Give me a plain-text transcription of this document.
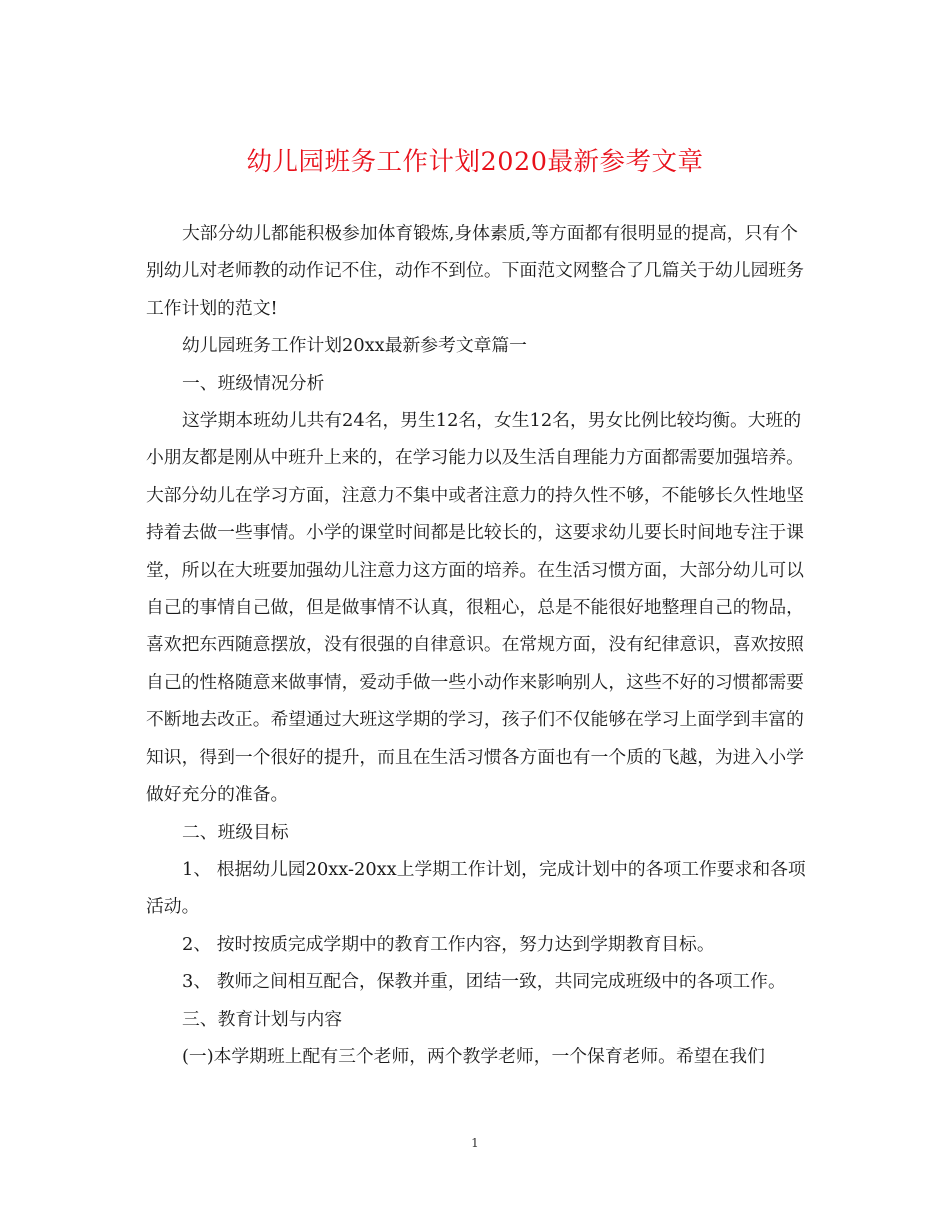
幼儿园班务工作计划2020最新参考文章

大部分幼儿都能积极参加体育锻炼,身体素质,等方面都有很明显的提高，只有个别幼儿对老师教的动作记不住，动作不到位。下面范文网整合了几篇关于幼儿园班务工作计划的范文!

幼儿园班务工作计划20xx最新参考文章篇一

一、班级情况分析

这学期本班幼儿共有24名，男生12名，女生12名，男女比例比较均衡。大班的小朋友都是刚从中班升上来的，在学习能力以及生活自理能力方面都需要加强培养。大部分幼儿在学习方面，注意力不集中或者注意力的持久性不够，不能够长久性地坚持着去做一些事情。小学的课堂时间都是比较长的，这要求幼儿要长时间地专注于课堂，所以在大班要加强幼儿注意力这方面的培养。在生活习惯方面，大部分幼儿可以自己的事情自己做，但是做事情不认真，很粗心，总是不能很好地整理自己的物品，喜欢把东西随意摆放，没有很强的自律意识。在常规方面，没有纪律意识，喜欢按照自己的性格随意来做事情，爱动手做一些小动作来影响别人，这些不好的习惯都需要不断地去改正。希望通过大班这学期的学习，孩子们不仅能够在学习上面学到丰富的知识，得到一个很好的提升，而且在生活习惯各方面也有一个质的飞越，为进入小学做好充分的准备。

二、班级目标

1、 根据幼儿园20xx-20xx上学期工作计划，完成计划中的各项工作要求和各项活动。

2、 按时按质完成学期中的教育工作内容，努力达到学期教育目标。

3、 教师之间相互配合，保教并重，团结一致，共同完成班级中的各项工作。

三、教育计划与内容

(一)本学期班上配有三个老师，两个教学老师，一个保育老师。希望在我们

1
